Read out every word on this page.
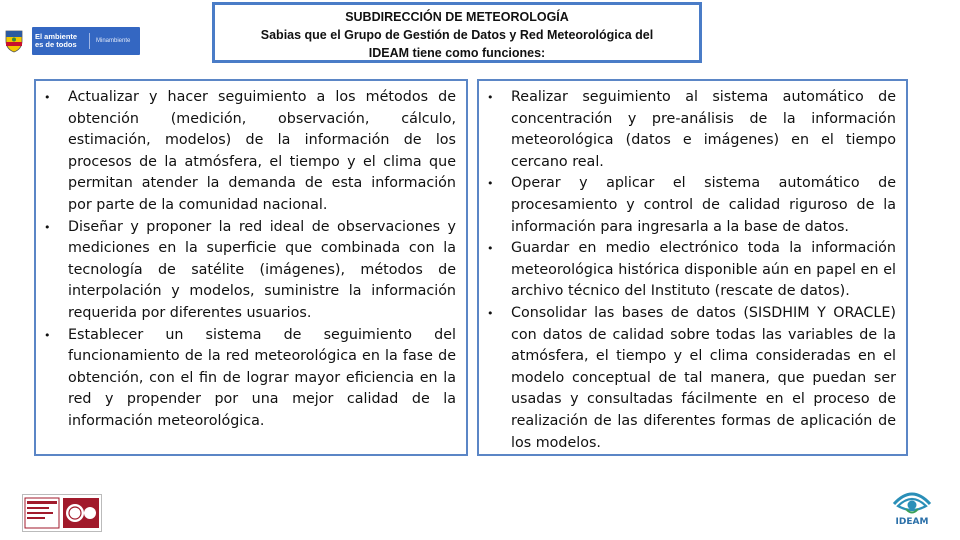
El ambiente
es de todos	Minambiente
SUBDIRECCIÓN DE METEOROLOGÍA
Sabias que el Grupo de Gestión de Datos y Red Meteorológica del
IDEAM tiene como funciones:
• Actualizar y hacer seguimiento a los métodos de obtención (medición, observación, cálculo, estimación, modelos) de la información de los procesos de la atmósfera, el tiempo y el clima que permitan atender la demanda de esta información por parte de la comunidad nacional.
• Diseñar y proponer la red ideal de observaciones y mediciones en la superficie que combinada con la tecnología de satélite (imágenes), métodos de interpolación y modelos, suministre la información requerida por diferentes usuarios.
• Establecer un sistema de seguimiento del funcionamiento de la red meteorológica en la fase de obtención, con el fin de lograr mayor eficiencia en la red y propender por una mejor calidad de la información meteorológica.
• Realizar seguimiento al sistema automático de concentración y pre-análisis de la información meteorológica (datos e imágenes) en el tiempo cercano real.
• Operar y aplicar el sistema automático de procesamiento y control de calidad riguroso de la información para ingresarla a la base de datos.
• Guardar en medio electrónico toda la información meteorológica histórica disponible aún en papel en el archivo técnico del Instituto (rescate de datos).
• Consolidar las bases de datos (SISDHIM Y ORACLE) con datos de calidad sobre todas las variables de la atmósfera, el tiempo y el clima consideradas en el modelo conceptual de tal manera, que puedan ser usadas y consultadas fácilmente en el proceso de realización de las diferentes formas de aplicación de los modelos.
IDEAM
